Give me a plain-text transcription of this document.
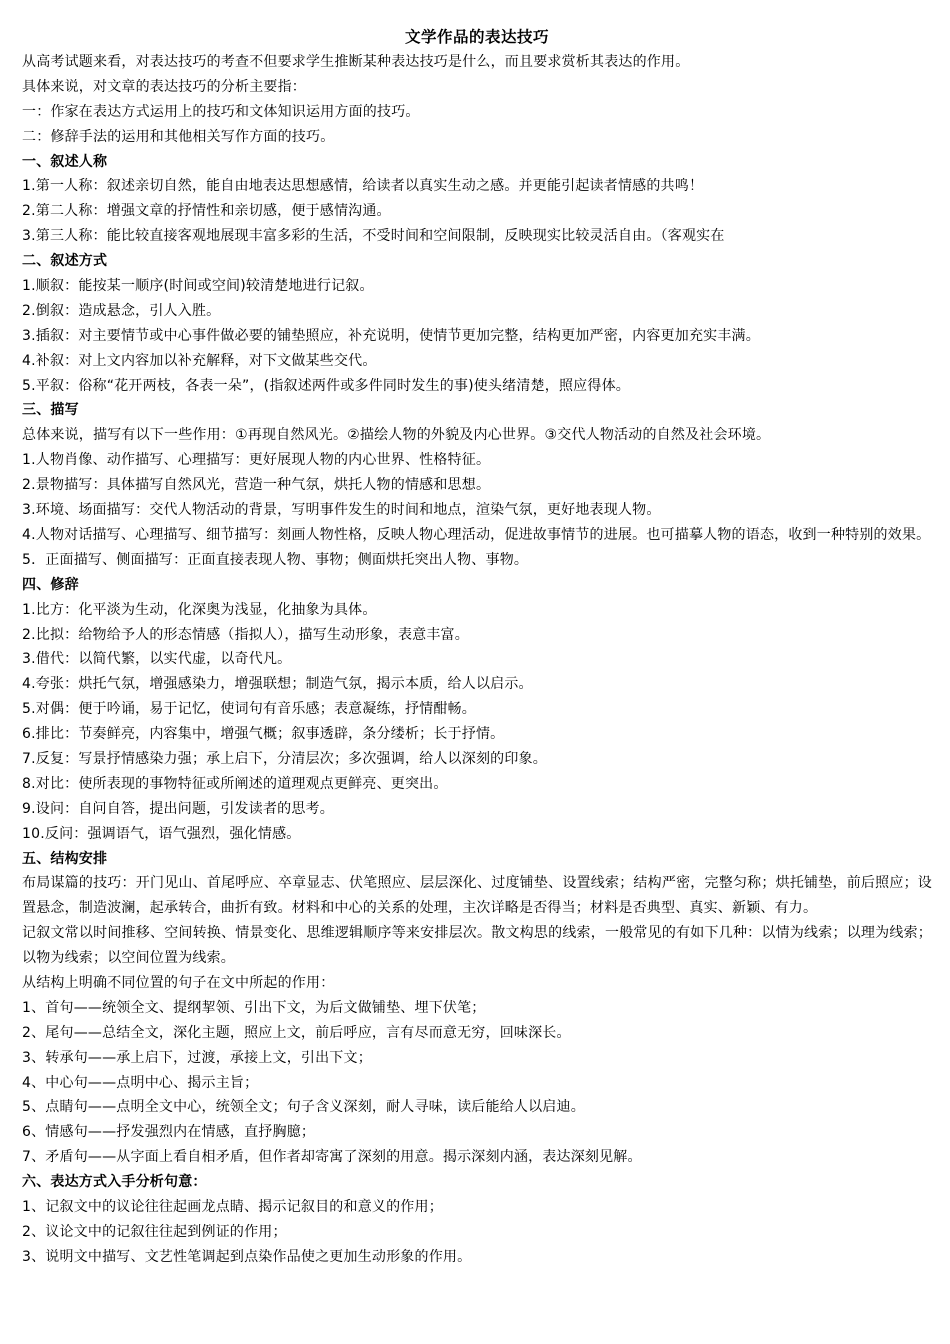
文学作品的表达技巧

从高考试题来看，对表达技巧的考查不但要求学生推断某种表达技巧是什么，而且要求赏析其表达的作用。

具体来说，对文章的表达技巧的分析主要指：

一：作家在表达方式运用上的技巧和文体知识运用方面的技巧。

二：修辞手法的运用和其他相关写作方面的技巧。

一、叙述人称

1.第一人称：叙述亲切自然，能自由地表达思想感情，给读者以真实生动之感。并更能引起读者情感的共鸣！

2.第二人称：增强文章的抒情性和亲切感，便于感情沟通。

3.第三人称：能比较直接客观地展现丰富多彩的生活，不受时间和空间限制，反映现实比较灵活自由。（客观实在

二、叙述方式

1.顺叙：能按某一顺序(时间或空间)较清楚地进行记叙。

2.倒叙：造成悬念，引人入胜。

3.插叙：对主要情节或中心事件做必要的铺垫照应，补充说明，使情节更加完整，结构更加严密，内容更加充实丰满。

4.补叙：对上文内容加以补充解释，对下文做某些交代。

5.平叙：俗称“花开两枝，各表一朵”，(指叙述两件或多件同时发生的事)使头绪清楚，照应得体。

三、描写

总体来说，描写有以下一些作用：①再现自然风光。②描绘人物的外貌及内心世界。③交代人物活动的自然及社会环境。

1.人物肖像、动作描写、心理描写：更好展现人物的内心世界、性格特征。

2.景物描写：具体描写自然风光，营造一种气氛，烘托人物的情感和思想。

3.环境、场面描写：交代人物活动的背景，写明事件发生的时间和地点，渲染气氛，更好地表现人物。

4.人物对话描写、心理描写、细节描写：刻画人物性格，反映人物心理活动，促进故事情节的进展。也可描摹人物的语态，收到一种特别的效果。

5．正面描写、侧面描写：正面直接表现人物、事物；侧面烘托突出人物、事物。

四、修辞

1.比方：化平淡为生动，化深奥为浅显，化抽象为具体。

2.比拟：给物给予人的形态情感（指拟人），描写生动形象，表意丰富。

3.借代：以简代繁，以实代虚，以奇代凡。

4.夸张：烘托气氛，增强感染力，增强联想；制造气氛，揭示本质，给人以启示。

5.对偶：便于吟诵，易于记忆，使词句有音乐感；表意凝练，抒情酣畅。

6.排比：节奏鲜亮，内容集中，增强气概；叙事透辟，条分缕析；长于抒情。

7.反复：写景抒情感染力强；承上启下，分清层次；多次强调，给人以深刻的印象。

8.对比：使所表现的事物特征或所阐述的道理观点更鲜亮、更突出。

9.设问：自问自答，提出问题，引发读者的思考。

10.反问：强调语气，语气强烈，强化情感。

五、结构安排

布局谋篇的技巧：开门见山、首尾呼应、卒章显志、伏笔照应、层层深化、过度铺垫、设置线索；结构严密，完整匀称；烘托铺垫，前后照应；设置悬念，制造波澜，起承转合，曲折有致。材料和中心的关系的处理，主次详略是否得当；材料是否典型、真实、新颖、有力。

记叙文常以时间推移、空间转换、情景变化、思维逻辑顺序等来安排层次。散文构思的线索，一般常见的有如下几种：以情为线索；以理为线索；以物为线索；以空间位置为线索。

从结构上明确不同位置的句子在文中所起的作用：

1、首句——统领全文、提纲挈领、引出下文，为后文做铺垫、埋下伏笔；

2、尾句——总结全文，深化主题，照应上文，前后呼应，言有尽而意无穷，回味深长。

3、转承句——承上启下，过渡，承接上文，引出下文；

4、中心句——点明中心、揭示主旨；

5、点睛句——点明全文中心，统领全文；句子含义深刻，耐人寻味，读后能给人以启迪。

6、情感句——抒发强烈内在情感，直抒胸臆；

7、矛盾句——从字面上看自相矛盾，但作者却寄寓了深刻的用意。揭示深刻内涵，表达深刻见解。

六、表达方式入手分析句意：

1、记叙文中的议论往往起画龙点睛、揭示记叙目的和意义的作用；

2、议论文中的记叙往往起到例证的作用；

3、说明文中描写、文艺性笔调起到点染作品使之更加生动形象的作用。
